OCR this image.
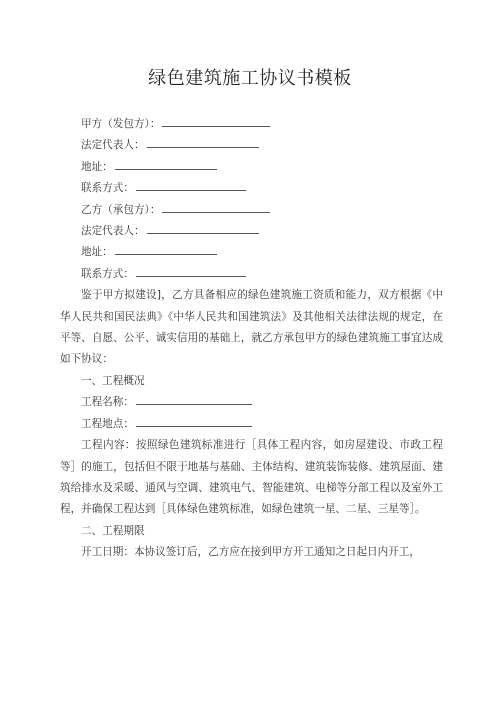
绿色建筑施工协议书模板
甲方（发包方）：
法定代表人：
地址：
联系方式：
乙方（承包方）：
法定代表人：
地址：
联系方式：
鉴于甲方拟建设]，乙方具备相应的绿色建筑施工资质和能力，双方根据《中华人民共和国民法典》《中华人民共和国建筑法》及其他相关法律法规的规定，在平等、自愿、公平、诚实信用的基础上，就乙方承包甲方的绿色建筑施工事宜达成如下协议：
一、工程概况
工程名称：
工程地点：
工程内容：按照绿色建筑标准进行［具体工程内容，如房屋建设、市政工程等］的施工，包括但不限于地基与基础、主体结构、建筑装饰装修、建筑屋面、建筑给排水及采暖、通风与空调、建筑电气、智能建筑、电梯等分部工程以及室外工程，并确保工程达到［具体绿色建筑标准，如绿色建筑一星、二星、三星等］。
二、工程期限
开工日期：本协议签订后，乙方应在接到甲方开工通知之日起日内开工，
